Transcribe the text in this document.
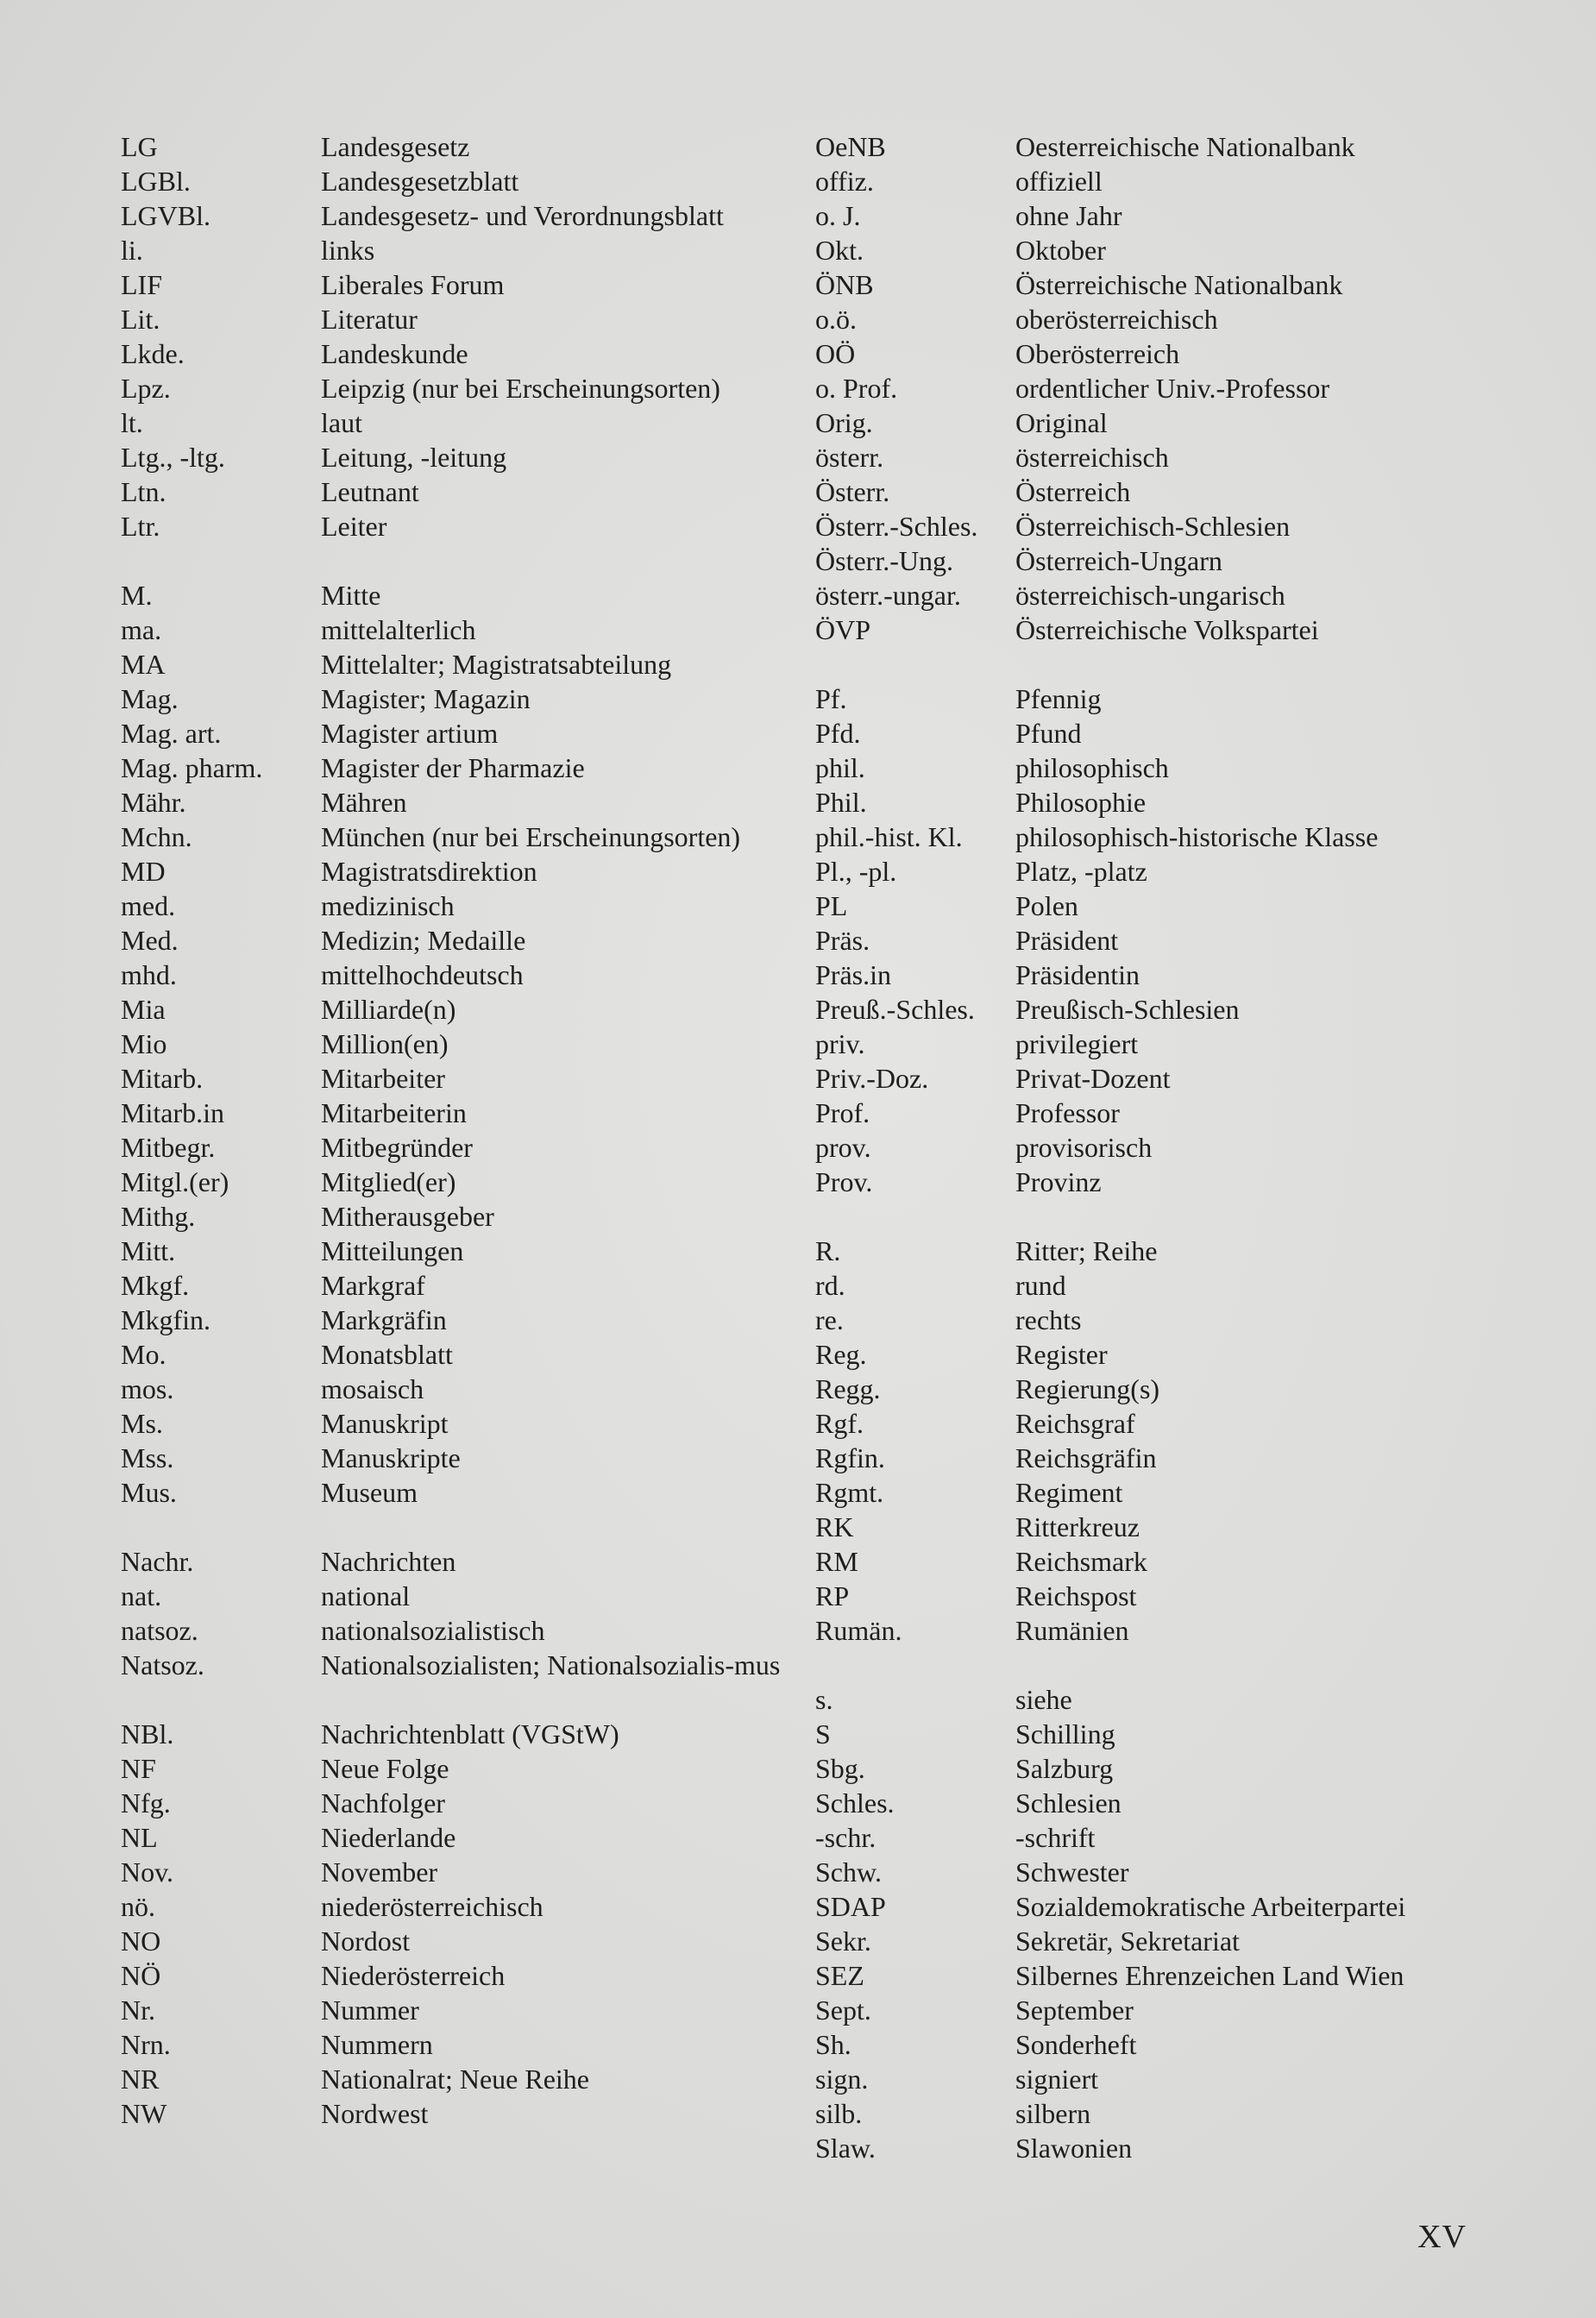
LG	Landesgesetz
LGBl.	Landesgesetzblatt
LGVBl.	Landesgesetz- und Verordnungsblatt
li.	links
LIF	Liberales Forum
Lit.	Literatur
Lkde.	Landeskunde
Lpz.	Leipzig (nur bei Erscheinungsorten)
lt.	laut
Ltg., -ltg.	Leitung, -leitung
Ltn.	Leutnant
Ltr.	Leiter
M.	Mitte
ma.	mittelalterlich
MA	Mittelalter; Magistratsabteilung
Mag.	Magister; Magazin
Mag. art.	Magister artium
Mag. pharm.	Magister der Pharmazie
Mähr.	Mähren
Mchn.	München (nur bei Erscheinungsorten)
MD	Magistratsdirektion
med.	medizinisch
Med.	Medizin; Medaille
mhd.	mittelhochdeutsch
Mia	Milliarde(n)
Mio	Million(en)
Mitarb.	Mitarbeiter
Mitarb.in	Mitarbeiterin
Mitbegr.	Mitbegründer
Mitgl.(er)	Mitglied(er)
Mithg.	Mitherausgeber
Mitt.	Mitteilungen
Mkgf.	Markgraf
Mkgfin.	Markgräfin
Mo.	Monatsblatt
mos.	mosaisch
Ms.	Manuskript
Mss.	Manuskripte
Mus.	Museum
Nachr.	Nachrichten
nat.	national
natsoz.	nationalsozialistisch
Natsoz.	Nationalsozialisten; Nationalsozialis-mus
NBl.	Nachrichtenblatt (VGStW)
NF	Neue Folge
Nfg.	Nachfolger
NL	Niederlande
Nov.	November
nö.	niederösterreichisch
NO	Nordost
NÖ	Niederösterreich
Nr.	Nummer
Nrn.	Nummern
NR	Nationalrat; Neue Reihe
NW	Nordwest
OeNB	Oesterreichische Nationalbank
offiz.	offiziell
o. J.	ohne Jahr
Okt.	Oktober
ÖNB	Österreichische Nationalbank
o.ö.	oberösterreichisch
OÖ	Oberösterreich
o. Prof.	ordentlicher Univ.-Professor
Orig.	Original
österr.	österreichisch
Österr.	Österreich
Österr.-Schles.	Österreichisch-Schlesien
Österr.-Ung.	Österreich-Ungarn
österr.-ungar.	österreichisch-ungarisch
ÖVP	Österreichische Volkspartei
Pf.	Pfennig
Pfd.	Pfund
phil.	philosophisch
Phil.	Philosophie
phil.-hist. Kl.	philosophisch-historische Klasse
Pl., -pl.	Platz, -platz
PL	Polen
Präs.	Präsident
Präs.in	Präsidentin
Preuß.-Schles.	Preußisch-Schlesien
priv.	privilegiert
Priv.-Doz.	Privat-Dozent
Prof.	Professor
prov.	provisorisch
Prov.	Provinz
R.	Ritter; Reihe
rd.	rund
re.	rechts
Reg.	Register
Regg.	Regierung(s)
Rgf.	Reichsgraf
Rgfin.	Reichsgräfin
Rgmt.	Regiment
RK	Ritterkreuz
RM	Reichsmark
RP	Reichspost
Rumän.	Rumänien
s.	siehe
S	Schilling
Sbg.	Salzburg
Schles.	Schlesien
-schr.	-schrift
Schw.	Schwester
SDAP	Sozialdemokratische Arbeiterpartei
Sekr.	Sekretär, Sekretariat
SEZ	Silbernes Ehrenzeichen Land Wien
Sept.	September
Sh.	Sonderheft
sign.	signiert
silb.	silbern
Slaw.	Slawonien
XV
